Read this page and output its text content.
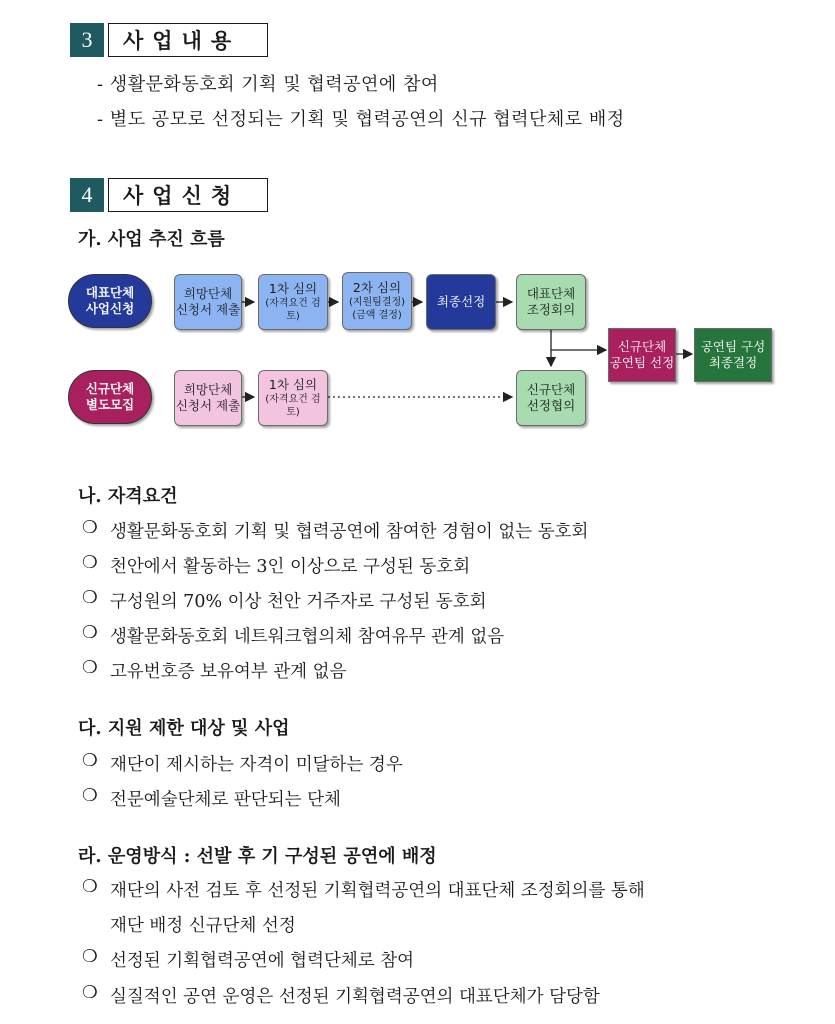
3	사업내용
- 생활문화동호회 기획 및 협력공연에 참여
- 별도 공모로 선정되는 기획 및 협력공연의 신규 협력단체로 배정
4	사업신청
가. 사업 추진 흐름
대표단체
사업신청
희망단체
신청서 제출
1차 심의
(자격요건 검토)
2차 심의
(지원팀결정)
(금액 결정)
최종선정
대표단체
조정회의
신규단체
공연팀 선정
공연팀 구성
최종결정
신규단체
별도모집
희망단체
신청서 제출
1차 심의
(자격요건 검토)
신규단체
선정협의
나. 자격요건
❍ 생활문화동호회 기획 및 협력공연에 참여한 경험이 없는 동호회
❍ 천안에서 활동하는 3인 이상으로 구성된 동호회
❍ 구성원의 70% 이상 천안 거주자로 구성된 동호회
❍ 생활문화동호회 네트워크협의체 참여유무 관계 없음
❍ 고유번호증 보유여부 관계 없음
다. 지원 제한 대상 및 사업
❍ 재단이 제시하는 자격이 미달하는 경우
❍ 전문예술단체로 판단되는 단체
라. 운영방식 : 선발 후 기 구성된 공연에 배정
❍ 재단의 사전 검토 후 선정된 기획협력공연의 대표단체 조정회의를 통해
재단 배정 신규단체 선정
❍ 선정된 기획협력공연에 협력단체로 참여
❍ 실질적인 공연 운영은 선정된 기획협력공연의 대표단체가 담당함
